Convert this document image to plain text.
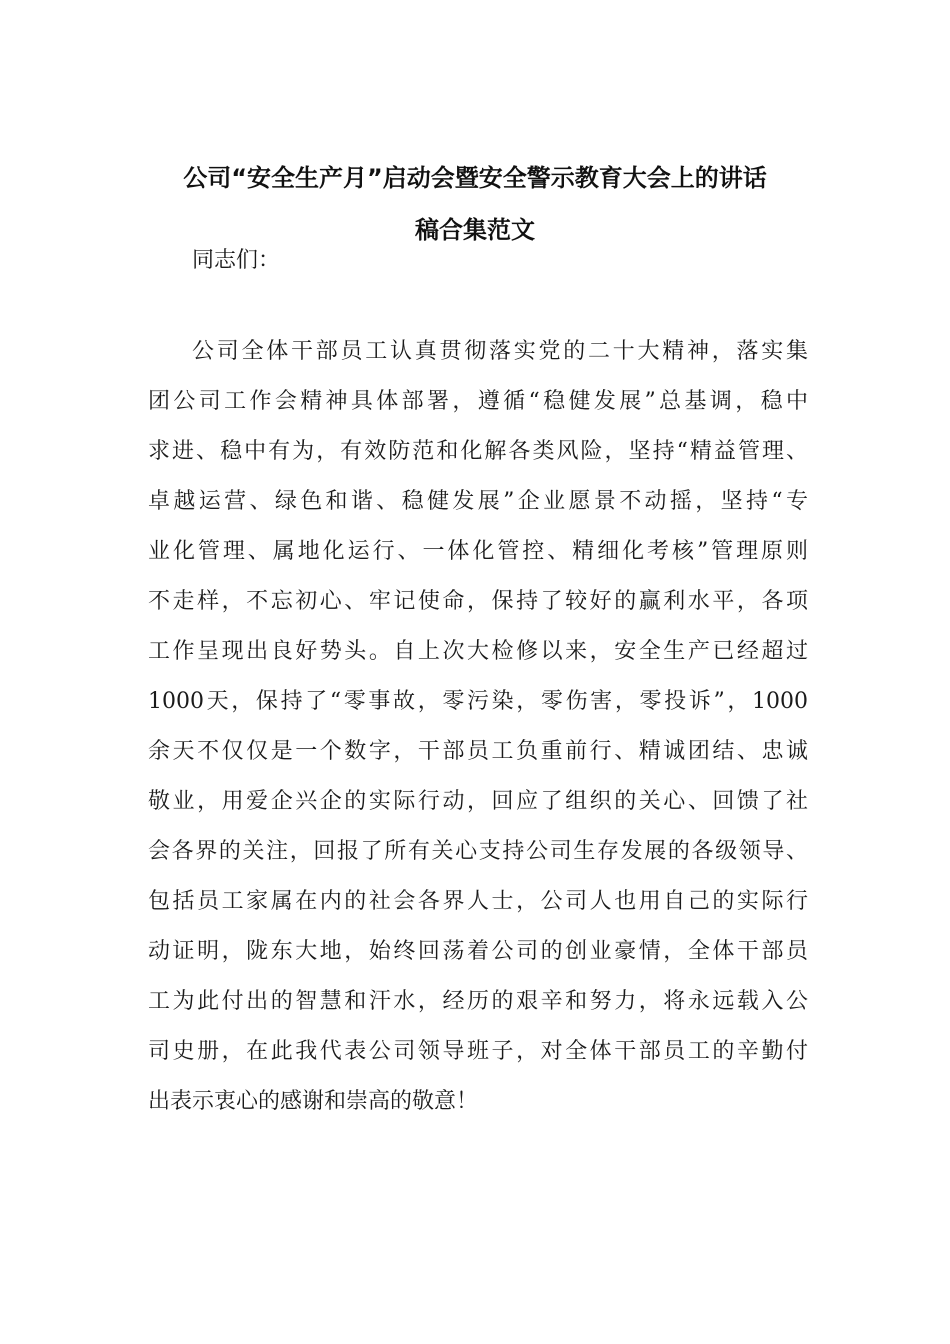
公司“安全生产月”启动会暨安全警示教育大会上的讲话
稿合集范文
同志们：
公司全体干部员工认真贯彻落实党的二十大精神，落实集
团公司工作会精神具体部署，遵循“稳健发展”总基调，稳中
求进、稳中有为，有效防范和化解各类风险，坚持“精益管理、
卓越运营、绿色和谐、稳健发展”企业愿景不动摇，坚持“专
业化管理、属地化运行、一体化管控、精细化考核”管理原则
不走样，不忘初心、牢记使命，保持了较好的赢利水平，各项
工作呈现出良好势头。自上次大检修以来，安全生产已经超过
1000天，保持了“零事故，零污染，零伤害，零投诉”，1000
余天不仅仅是一个数字，干部员工负重前行、精诚团结、忠诚
敬业，用爱企兴企的实际行动，回应了组织的关心、回馈了社
会各界的关注，回报了所有关心支持公司生存发展的各级领导、
包括员工家属在内的社会各界人士，公司人也用自己的实际行
动证明，陇东大地，始终回荡着公司的创业豪情，全体干部员
工为此付出的智慧和汗水，经历的艰辛和努力，将永远载入公
司史册，在此我代表公司领导班子，对全体干部员工的辛勤付
出表示衷心的感谢和崇高的敬意！
